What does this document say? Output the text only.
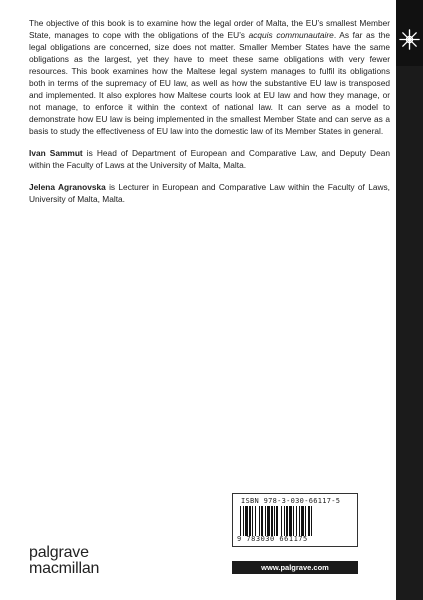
The objective of this book is to examine how the legal order of Malta, the EU’s smallest Member State, manages to cope with the obligations of the EU’s acquis communautaire. As far as the legal obligations are concerned, size does not matter. Smaller Member States have the same obligations as the largest, yet they have to meet these same obligations with very fewer resources. This book examines how the Maltese legal system manages to fulfil its obligations both in terms of the supremacy of EU law, as well as how the substantive EU law is transposed and implemented. It also explores how Maltese courts look at EU law and how they manage, or not manage, to enforce it within the context of national law. It can serve as a model to demonstrate how EU law is being implemented in the smallest Member State and can serve as a basis to study the effectiveness of EU law into the domestic law of its Member States in general.

Ivan Sammut is Head of Department of European and Comparative Law, and Deputy Dean within the Faculty of Laws at the University of Malta, Malta.

Jelena Agranovska is Lecturer in European and Comparative Law within the Faculty of Laws, University of Malta, Malta.

palgrave
macmillan
ISBN 978-3-030-66117-5
9 783030 661175
www.palgrave.com
